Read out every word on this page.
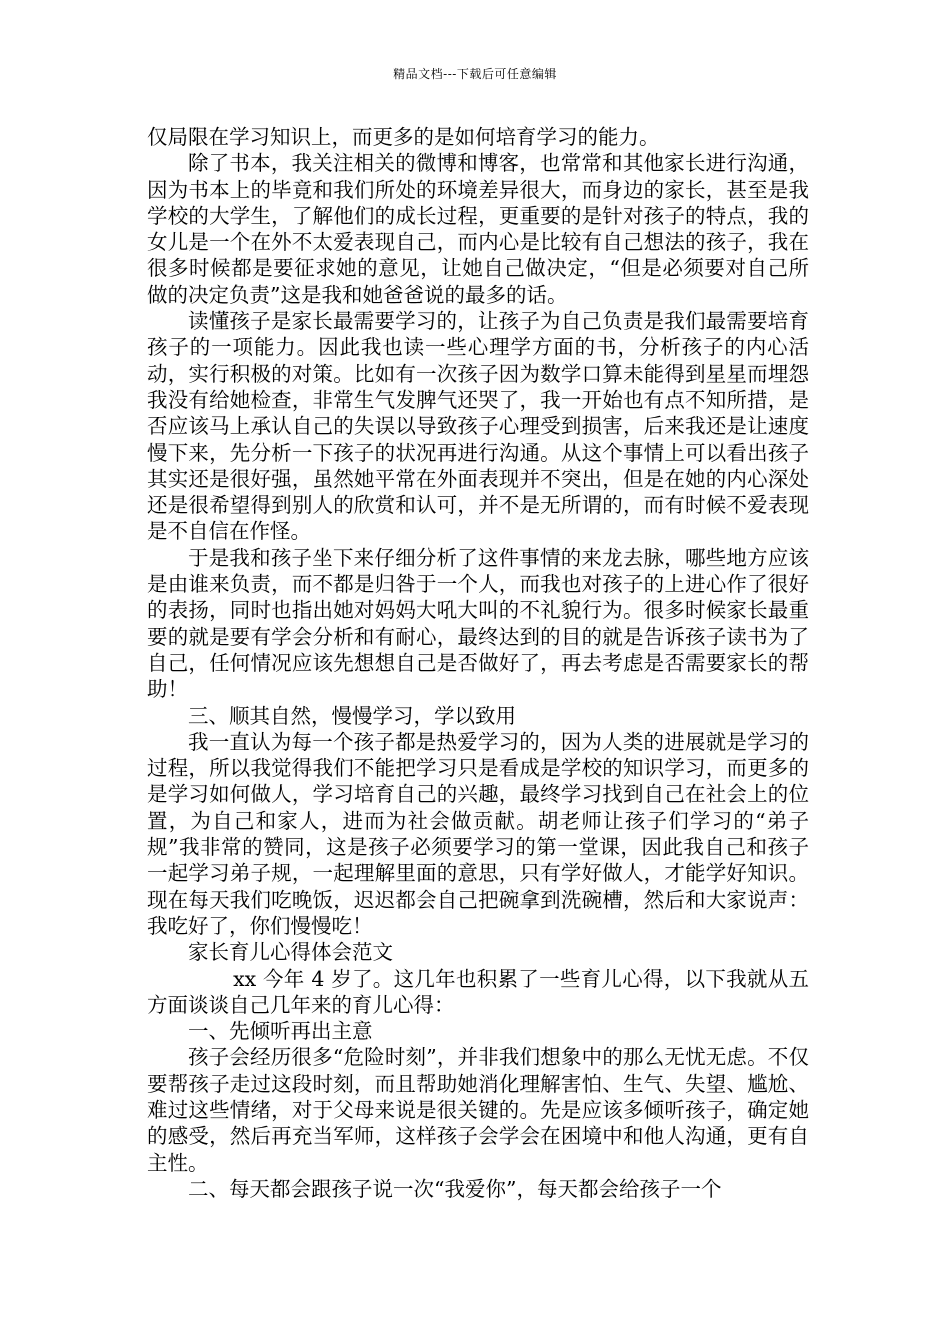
精品文档---下载后可任意编辑

仅局限在学习知识上，而更多的是如何培育学习的能力。

除了书本，我关注相关的微博和博客，也常常和其他家长进行沟通，因为书本上的毕竟和我们所处的环境差异很大，而身边的家长，甚至是我学校的大学生，了解他们的成长过程，更重要的是针对孩子的特点，我的女儿是一个在外不太爱表现自己，而内心是比较有自己想法的孩子，我在很多时候都是要征求她的意见，让她自己做决定，“但是必须要对自己所做的决定负责”这是我和她爸爸说的最多的话。

读懂孩子是家长最需要学习的，让孩子为自己负责是我们最需要培育孩子的一项能力。因此我也读一些心理学方面的书，分析孩子的内心活动，实行积极的对策。比如有一次孩子因为数学口算未能得到星星而埋怨我没有给她检查，非常生气发脾气还哭了，我一开始也有点不知所措，是否应该马上承认自己的失误以导致孩子心理受到损害，后来我还是让速度慢下来，先分析一下孩子的状况再进行沟通。从这个事情上可以看出孩子其实还是很好强，虽然她平常在外面表现并不突出，但是在她的内心深处还是很希望得到别人的欣赏和认可，并不是无所谓的，而有时候不爱表现是不自信在作怪。

于是我和孩子坐下来仔细分析了这件事情的来龙去脉，哪些地方应该是由谁来负责，而不都是归咎于一个人，而我也对孩子的上进心作了很好的表扬，同时也指出她对妈妈大吼大叫的不礼貌行为。很多时候家长最重要的就是要有学会分析和有耐心，最终达到的目的就是告诉孩子读书为了自己，任何情况应该先想想自己是否做好了，再去考虑是否需要家长的帮助！

三、顺其自然，慢慢学习，学以致用

我一直认为每一个孩子都是热爱学习的，因为人类的进展就是学习的过程，所以我觉得我们不能把学习只是看成是学校的知识学习，而更多的是学习如何做人，学习培育自己的兴趣，最终学习找到自己在社会上的位置，为自己和家人，进而为社会做贡献。胡老师让孩子们学习的“弟子规”我非常的赞同，这是孩子必须要学习的第一堂课，因此我自己和孩子一起学习弟子规，一起理解里面的意思，只有学好做人，才能学好知识。现在每天我们吃晚饭，迟迟都会自己把碗拿到洗碗槽，然后和大家说声：我吃好了，你们慢慢吃！

家长育儿心得体会范文

xx 今年 4 岁了。这几年也积累了一些育儿心得，以下我就从五方面谈谈自己几年来的育儿心得：

一、先倾听再出主意

孩子会经历很多“危险时刻”，并非我们想象中的那么无忧无虑。不仅要帮孩子走过这段时刻，而且帮助她消化理解害怕、生气、失望、尴尬、难过这些情绪，对于父母来说是很关键的。先是应该多倾听孩子，确定她的感受，然后再充当军师，这样孩子会学会在困境中和他人沟通，更有自主性。

二、每天都会跟孩子说一次“我爱你”，每天都会给孩子一个
